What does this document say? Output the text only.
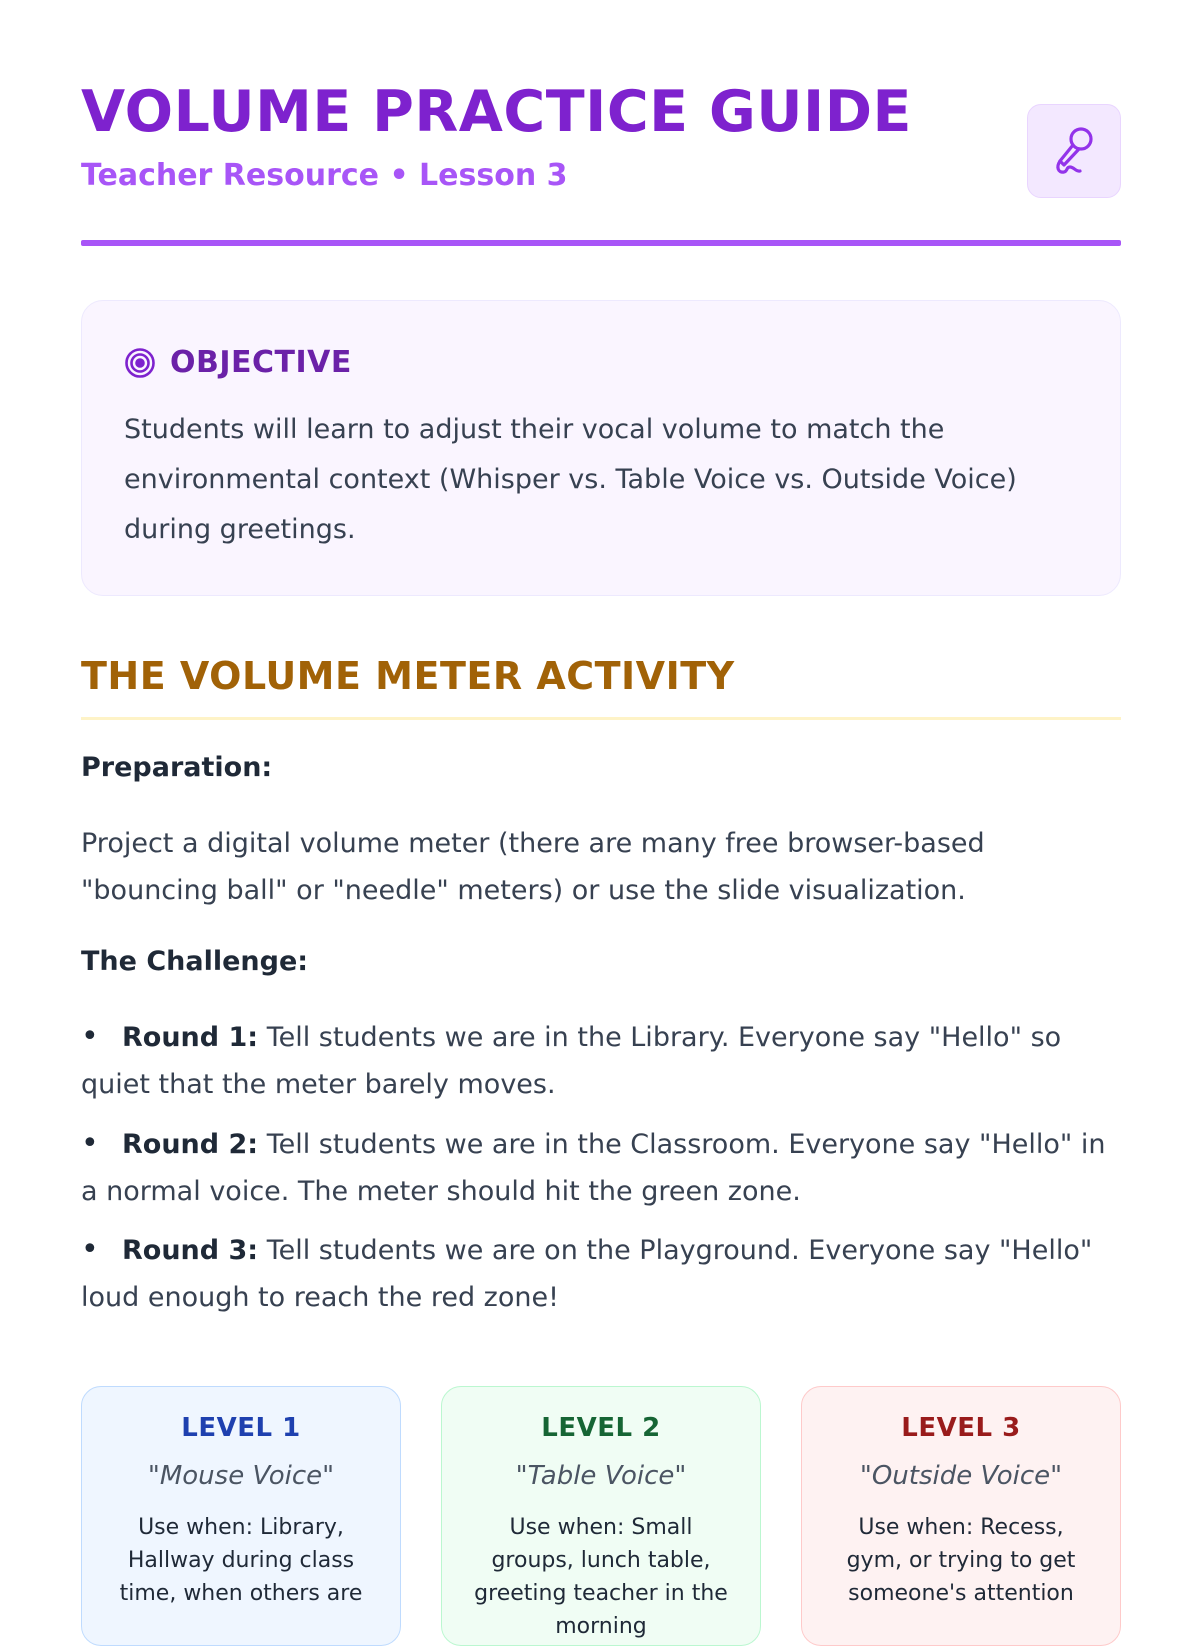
VOLUME PRACTICE GUIDE
Teacher Resource • Lesson 3
OBJECTIVE
Students will learn to adjust their vocal volume to match the environmental context (Whisper vs. Table Voice vs. Outside Voice) during greetings.
THE VOLUME METER ACTIVITY
Preparation:
Project a digital volume meter (there are many free browser-based "bouncing ball" or "needle" meters) or use the slide visualization.
The Challenge:
• Round 1: Tell students we are in the Library. Everyone say "Hello" so quiet that the meter barely moves.
• Round 2: Tell students we are in the Classroom. Everyone say "Hello" in a normal voice. The meter should hit the green zone.
• Round 3: Tell students we are on the Playground. Everyone say "Hello" loud enough to reach the red zone!
LEVEL 1
"Mouse Voice"
Use when: Library, Hallway during class time, when others are
LEVEL 2
"Table Voice"
Use when: Small groups, lunch table, greeting teacher in the morning
LEVEL 3
"Outside Voice"
Use when: Recess, gym, or trying to get someone's attention
